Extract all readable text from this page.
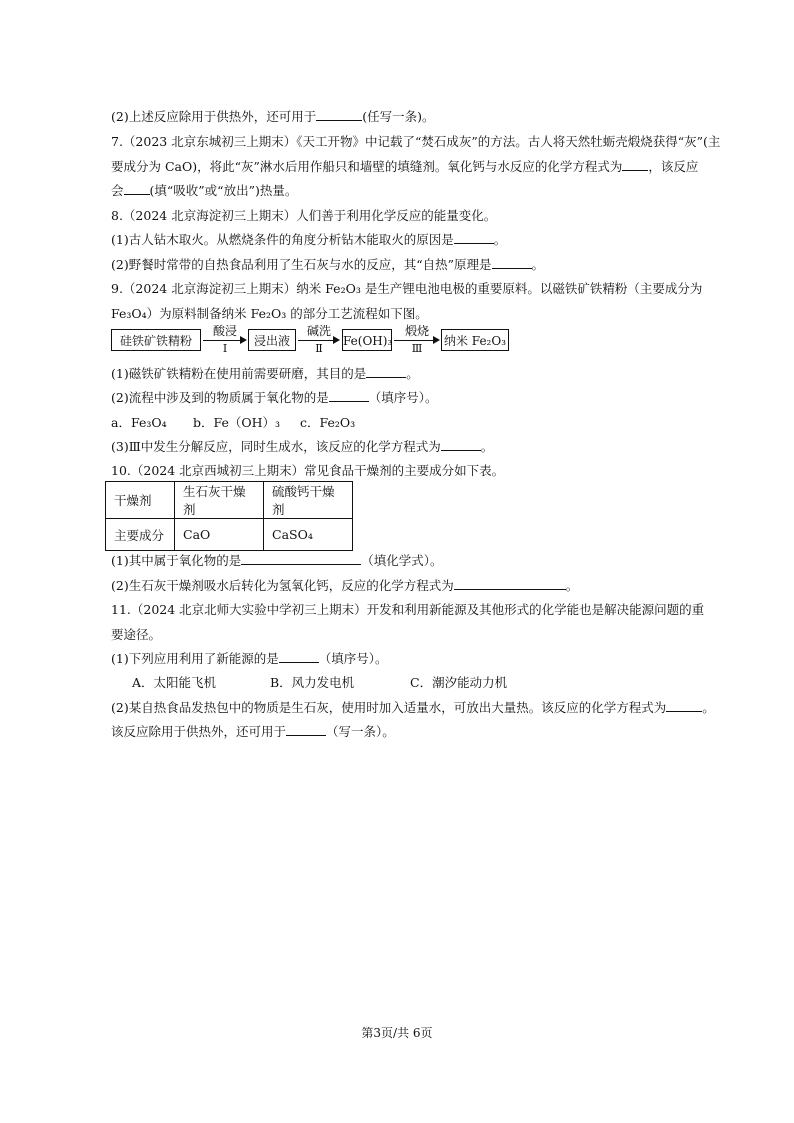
(2)上述反应除用于供热外，还可用于	(任写一条)。
7.（2023 北京东城初三上期末）《天工开物》中记载了“焚石成灰”的方法。古人将天然牡蛎壳煅烧获得“灰”(主
要成分为 CaO)，将此“灰”淋水后用作船只和墙壁的填缝剂。氧化钙与水反应的化学方程式为 ，该反应
会 (填“吸收”或“放出”)热量。
8.（2024 北京海淀初三上期末）人们善于利用化学反应的能量变化。
(1)古人钻木取火。从燃烧条件的角度分析钻木能取火的原因是	。
(2)野餐时常带的自热食品利用了生石灰与水的反应，其“自热”原理是	。
9.（2024 北京海淀初三上期末）纳米 Fe₂O₃ 是生产锂电池电极的重要原料。以磁铁矿铁精粉（主要成分为
Fe₃O₄）为原料制备纳米 Fe₂O₃ 的部分工艺流程如下图。
硅铁矿铁精粉
酸浸
Ⅰ
浸出液
碱洗
Ⅱ
Fe(OH)₃
煅烧
Ⅲ
纳米 Fe₂O₃
(1)磁铁矿铁精粉在使用前需要研磨，其目的是	。
(2)流程中涉及到的物质属于氧化物的是	（填序号）。
a．Fe₃O₄ b．Fe（OH）₃ c．Fe₂O₃
(3)Ⅲ中发生分解反应，同时生成水，该反应的化学方程式为	。
10.（2024 北京西城初三上期末）常见食品干燥剂的主要成分如下表。
干燥剂	生石灰干燥剂	硫酸钙干燥剂
主要成分	CaO	CaSO₄
(1)其中属于氧化物的是	（填化学式）。
(2)生石灰干燥剂吸水后转化为氢氧化钙，反应的化学方程式为	。
11.（2024 北京北师大实验中学初三上期末）开发和利用新能源及其他形式的化学能也是解决能源问题的重
要途径。
(1)下列应用利用了新能源的是	（填序号）。
A．太阳能飞机	B．风力发电机	C．潮汐能动力机
(2)某自热食品发热包中的物质是生石灰，使用时加入适量水，可放出大量热。该反应的化学方程式为	。
该反应除用于供热外，还可用于	（写一条）。
第3页/共 6页
